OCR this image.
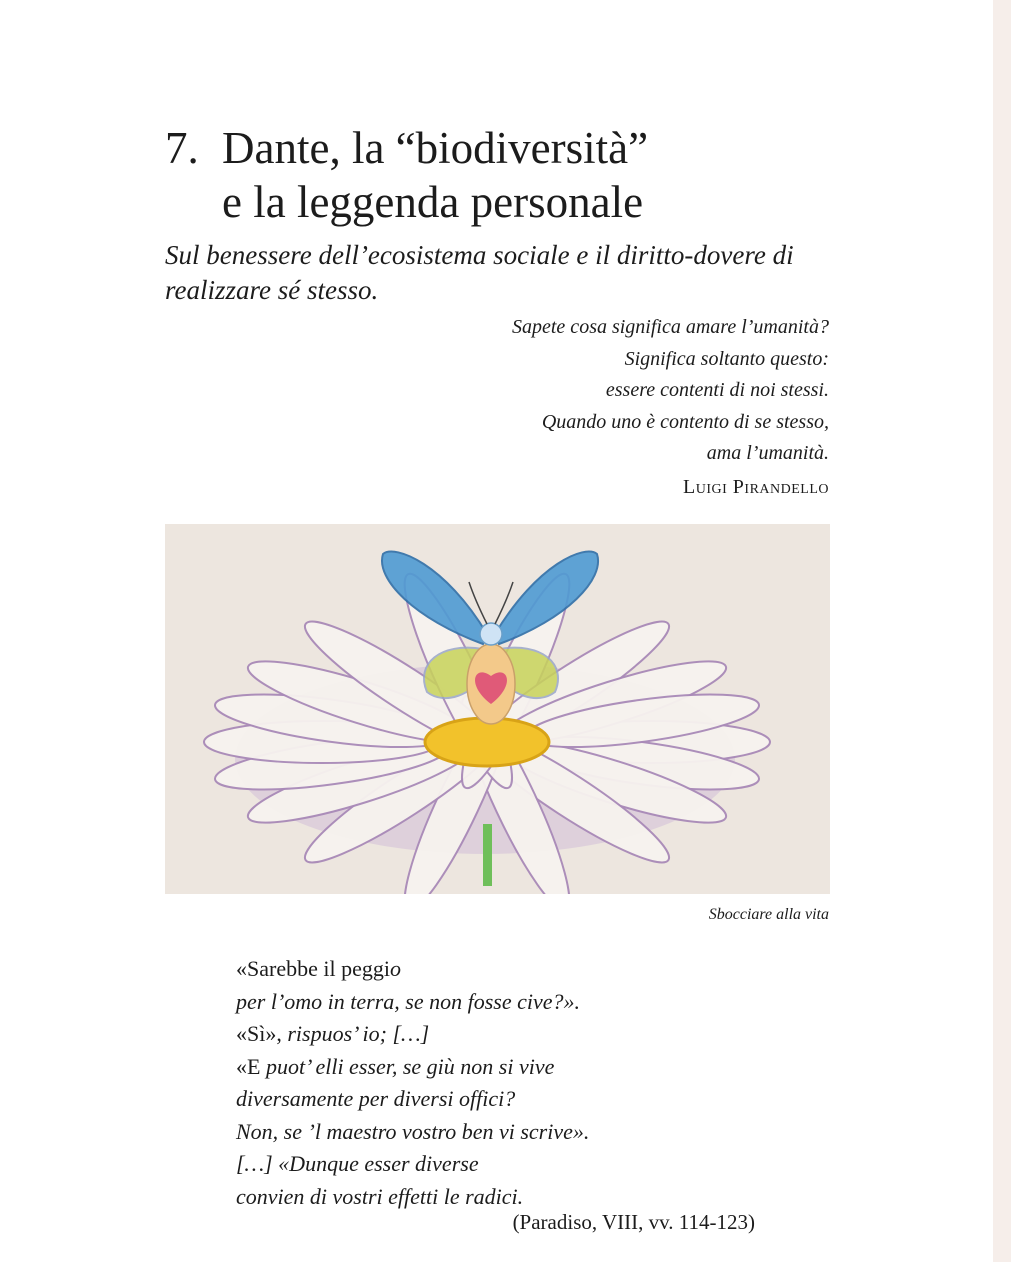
7. Dante, la “biodiversità”
e la leggenda personale
Sul benessere dell’ecosistema sociale e il diritto-dovere di
realizzare sé stesso.
Sapete cosa significa amare l’umanità?
Significa soltanto questo:
essere contenti di noi stessi.
Quando uno è contento di se stesso,
ama l’umanità.
Luigi Pirandello
Sbocciare alla vita
«Sarebbe il peggio
per l’omo in terra, se non fosse cive?».
«Sì», rispuos’ io; […]
«E puot’ elli esser, se giù non si vive
diversamente per diversi offici?
Non, se ’l maestro vostro ben vi scrive».
[…] «Dunque esser diverse
convien di vostri effetti le radici.
(Paradiso, VIII, vv. 114-123)
